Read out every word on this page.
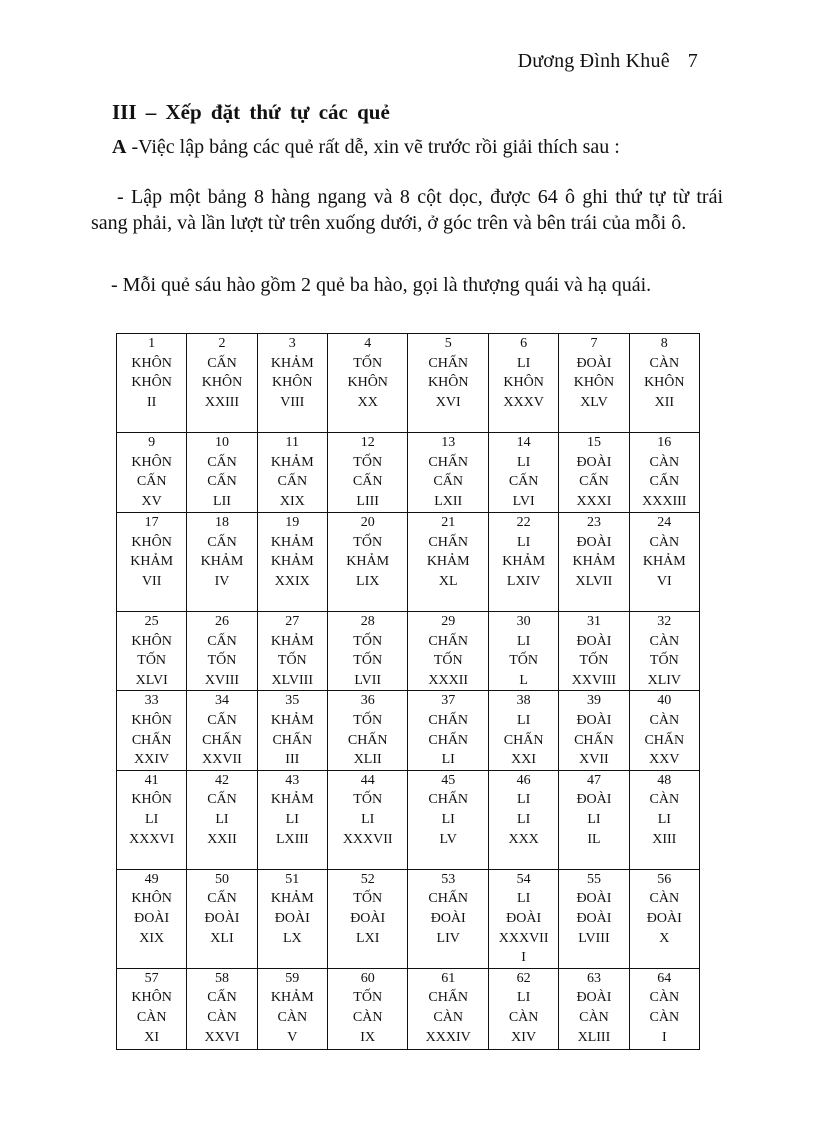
Dương Đình Khuê 7
III – Xếp đặt thứ tự các quẻ
A -Việc lập bảng các quẻ rất dễ, xin vẽ trước rồi giải thích sau :
- Lập một bảng 8 hàng ngang và 8 cột dọc, được 64 ô ghi thứ tự từ trái sang phải, và lần lượt từ trên xuống dưới, ở góc trên và bên trái của mỗi ô.
- Mỗi quẻ sáu hào gồm 2 quẻ ba hào, gọi là thượng quái và hạ quái.
1
KHÔN
KHÔN
II	2
CẤN
KHÔN
XXIII	3
KHẢM
KHÔN
VIII	4
TỐN
KHÔN
XX	5
CHẤN
KHÔN
XVI	6
LI
KHÔN
XXXV	7
ĐOÀI
KHÔN
XLV	8
CÀN
KHÔN
XII

9
KHÔN
CẤN
XV	10
CẤN
CẤN
LII	11
KHẢM
CẤN
XIX	12
TỐN
CẤN
LIII	13
CHẤN
CẤN
LXII	14
LI
CẤN
LVI	15
ĐOÀI
CẤN
XXXI	16
CÀN
CẤN
XXXIII

17
KHÔN
KHẢM
VII	18
CẤN
KHẢM
IV	19
KHẢM
KHẢM
XXIX	20
TỐN
KHẢM
LIX	21
CHẤN
KHẢM
XL	22
LI
KHẢM
LXIV	23
ĐOÀI
KHẢM
XLVII	24
CÀN
KHẢM
VI

25
KHÔN
TỐN
XLVI	26
CẤN
TỐN
XVIII	27
KHẢM
TỐN
XLVIII	28
TỐN
TỐN
LVII	29
CHẤN
TỐN
XXXII	30
LI
TỐN
L	31
ĐOÀI
TỐN
XXVIII	32
CÀN
TỐN
XLIV

33
KHÔN
CHẤN
XXIV	34
CẤN
CHẤN
XXVII	35
KHẢM
CHẤN
III	36
TỐN
CHẤN
XLII	37
CHẤN
CHẤN
LI	38
LI
CHẤN
XXI	39
ĐOÀI
CHẤN
XVII	40
CÀN
CHẤN
XXV

41
KHÔN
LI
XXXVI	42
CẤN
LI
XXII	43
KHẢM
LI
LXIII	44
TỐN
LI
XXXVII	45
CHẤN
LI
LV	46
LI
LI
XXX	47
ĐOÀI
LI
IL	48
CÀN
LI
XIII

49
KHÔN
ĐOÀI
XIX	50
CẤN
ĐOÀI
XLI	51
KHẢM
ĐOÀI
LX	52
TỐN
ĐOÀI
LXI	53
CHẤN
ĐOÀI
LIV	54
LI
ĐOÀI
XXXVII
I	55
ĐOÀI
ĐOÀI
LVIII	56
CÀN
ĐOÀI
X

57
KHÔN
CÀN
XI	58
CẤN
CÀN
XXVI	59
KHẢM
CÀN
V	60
TỐN
CÀN
IX	61
CHẤN
CÀN
XXXIV	62
LI
CÀN
XIV	63
ĐOÀI
CÀN
XLIII	64
CÀN
CÀN
I
